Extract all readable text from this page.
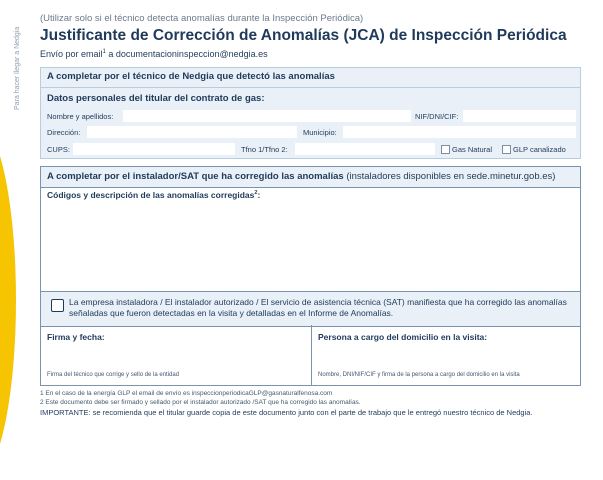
Para hacer llegar a Nedgia
(Utilizar solo si el técnico detecta anomalías durante la Inspección Periódica)
Justificante de Corrección de Anomalías (JCA) de Inspección Periódica
Envío por email$^1$ a documentacioninspeccion@nedgia.es
A completar por el técnico de Nedgia que detectó las anomalías
Datos personales del titular del contrato de gas:
Nombre y apellidos:	NIF/DNI/CIF:
Dirección:	Municipio:
CUPS:	Tfno 1/Tfno 2:	Gas Natural	GLP canalizado
A completar por el instalador/SAT que ha corregido las anomalías (instaladores disponibles en sede.minetur.gob.es)
Códigos y descripción de las anomalías corregidas$^2$:
La empresa instaladora / El instalador autorizado / El servicio de asistencia técnica (SAT) manifiesta que ha corregido las anomalías señaladas que fueron detectadas en la visita y detalladas en el Informe de Anomalías.
Firma y fecha:
Firma del técnico que corrige y sello de la entidad
Persona a cargo del domicilio en la visita:
Nombre, DNI/NIF/CIF y firma de la persona a cargo del domicilio en la visita
1 En el caso de la energía GLP el email de envío es inspeccionperiodicaGLP@gasnaturalfenosa.com
2 Este documento debe ser firmado y sellado por el instalador autorizado /SAT que ha corregido las anomalías.
IMPORTANTE: se recomienda que el titular guarde copia de este documento junto con el parte de trabajo que le entregó nuestro técnico de Nedgia.
